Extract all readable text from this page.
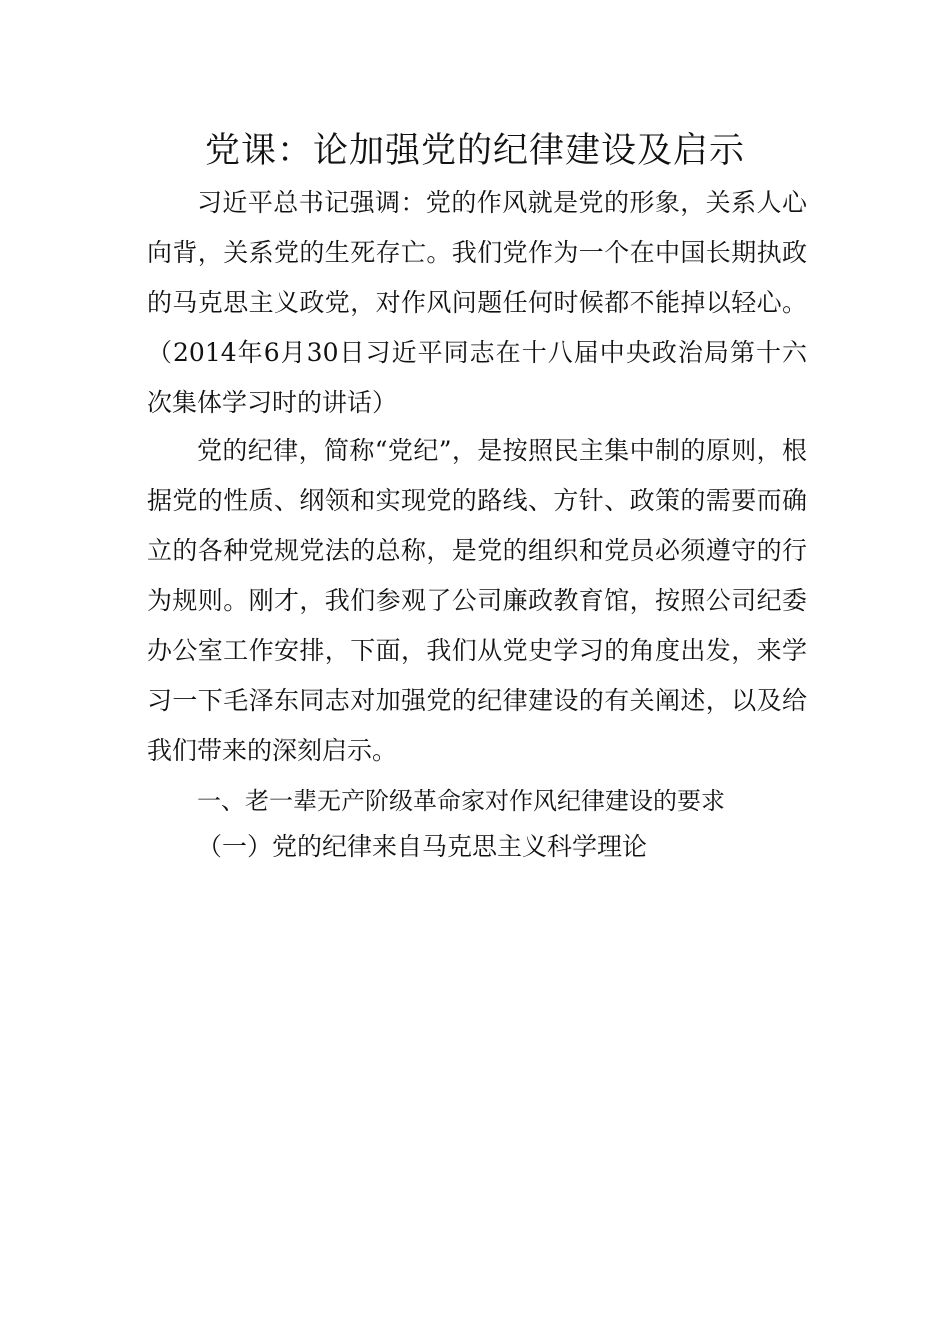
党课：论加强党的纪律建设及启示
习近平总书记强调：党的作风就是党的形象，关系人心向背，关系党的生死存亡。我们党作为一个在中国长期执政的马克思主义政党，对作风问题任何时候都不能掉以轻心。（2014年6月30日习近平同志在十八届中央政治局第十六次集体学习时的讲话）
党的纪律，简称“党纪”，是按照民主集中制的原则，根据党的性质、纲领和实现党的路线、方针、政策的需要而确立的各种党规党法的总称，是党的组织和党员必须遵守的行为规则。刚才，我们参观了公司廉政教育馆，按照公司纪委办公室工作安排，下面，我们从党史学习的角度出发，来学习一下毛泽东同志对加强党的纪律建设的有关阐述，以及给我们带来的深刻启示。
一、老一辈无产阶级革命家对作风纪律建设的要求
（一）党的纪律来自马克思主义科学理论
